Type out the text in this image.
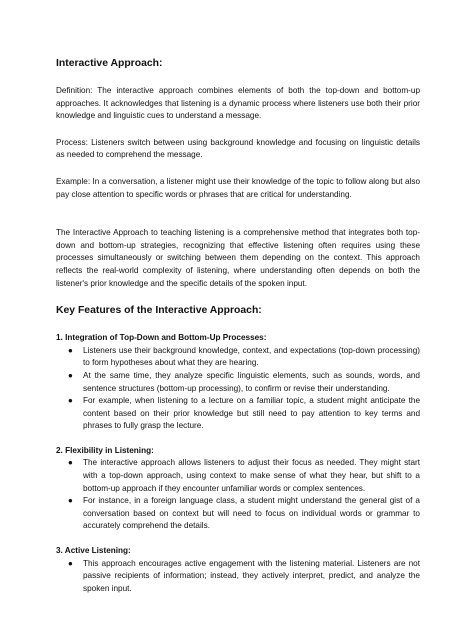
Interactive Approach:

Definition: The interactive approach combines elements of both the top-down and bottom-up approaches. It acknowledges that listening is a dynamic process where listeners use both their prior knowledge and linguistic cues to understand a message.

Process: Listeners switch between using background knowledge and focusing on linguistic details as needed to comprehend the message.

Example: In a conversation, a listener might use their knowledge of the topic to follow along but also pay close attention to specific words or phrases that are critical for understanding.

The Interactive Approach to teaching listening is a comprehensive method that integrates both top-down and bottom-up strategies, recognizing that effective listening often requires using these processes simultaneously or switching between them depending on the context. This approach reflects the real-world complexity of listening, where understanding often depends on both the listener's prior knowledge and the specific details of the spoken input.

Key Features of the Interactive Approach:
1. Integration of Top-Down and Bottom-Up Processes:
● Listeners use their background knowledge, context, and expectations (top-down processing) to form hypotheses about what they are hearing.
● At the same time, they analyze specific linguistic elements, such as sounds, words, and sentence structures (bottom-up processing), to confirm or revise their understanding.
● For example, when listening to a lecture on a familiar topic, a student might anticipate the content based on their prior knowledge but still need to pay attention to key terms and phrases to fully grasp the lecture.
2. Flexibility in Listening:
● The interactive approach allows listeners to adjust their focus as needed. They might start with a top-down approach, using context to make sense of what they hear, but shift to a bottom-up approach if they encounter unfamiliar words or complex sentences.
● For instance, in a foreign language class, a student might understand the general gist of a conversation based on context but will need to focus on individual words or grammar to accurately comprehend the details.
3. Active Listening:
● This approach encourages active engagement with the listening material. Listeners are not passive recipients of information; instead, they actively interpret, predict, and analyze the spoken input.
